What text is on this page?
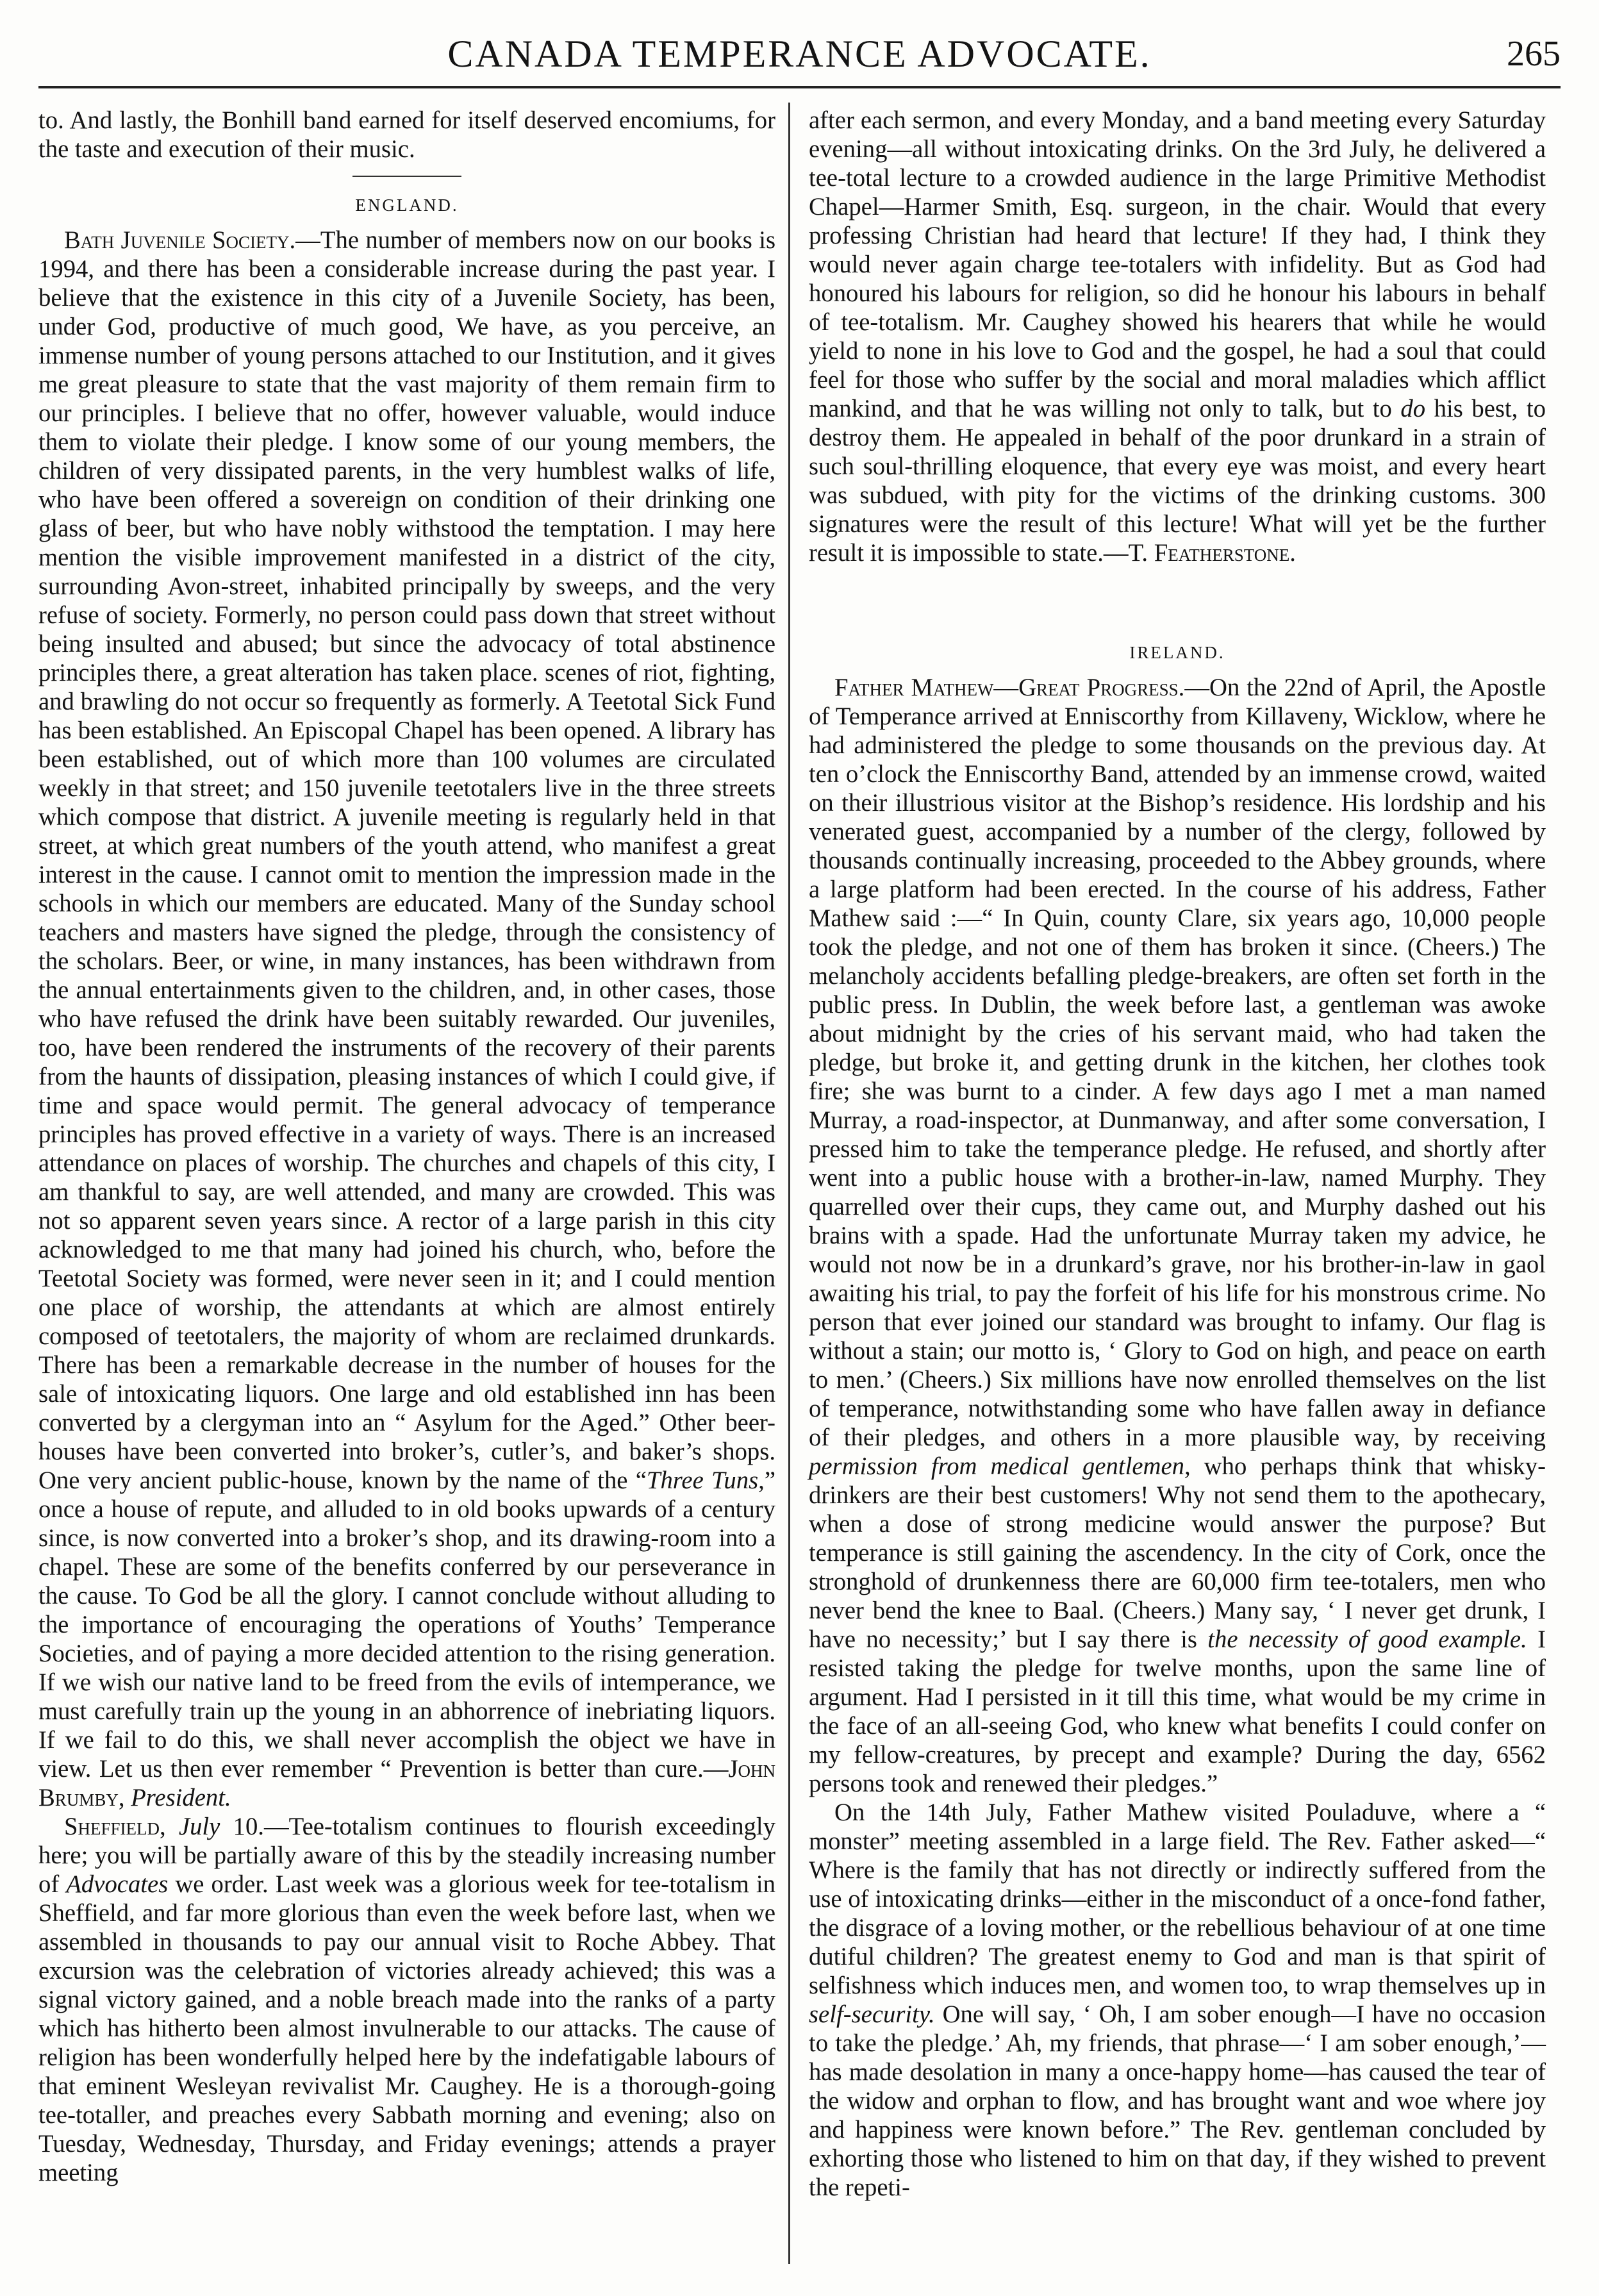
CANADA TEMPERANCE ADVOCATE.	265

to. And lastly, the Bonhill band earned for itself deserved encomiums, for the taste and execution of their music.

ENGLAND.

Bath Juvenile Society.—The number of members now on our books is 1994, and there has been a considerable increase during the past year. I believe that the existence in this city of a Juvenile Society, has been, under God, productive of much good, We have, as you perceive, an immense number of young persons attached to our Institution, and it gives me great pleasure to state that the vast majority of them remain firm to our principles. I believe that no offer, however valuable, would induce them to violate their pledge. I know some of our young members, the children of very dissipated parents, in the very humblest walks of life, who have been offered a sovereign on condition of their drinking one glass of beer, but who have nobly withstood the temptation. I may here mention the visible improvement manifested in a district of the city, surrounding Avon-street, inhabited principally by sweeps, and the very refuse of society. Formerly, no person could pass down that street without being insulted and abused; but since the advocacy of total abstinence principles there, a great alteration has taken place. scenes of riot, fighting, and brawling do not occur so frequently as formerly. A Teetotal Sick Fund has been established. An Episcopal Chapel has been opened. A library has been established, out of which more than 100 volumes are circulated weekly in that street; and 150 juvenile teetotalers live in the three streets which compose that district. A juvenile meeting is regularly held in that street, at which great numbers of the youth attend, who manifest a great interest in the cause. I cannot omit to mention the impression made in the schools in which our members are educated. Many of the Sunday school teachers and masters have signed the pledge, through the consistency of the scholars. Beer, or wine, in many instances, has been withdrawn from the annual entertainments given to the children, and, in other cases, those who have refused the drink have been suitably rewarded. Our juveniles, too, have been rendered the instruments of the recovery of their parents from the haunts of dissipation, pleasing instances of which I could give, if time and space would permit. The general advocacy of temperance principles has proved effective in a variety of ways. There is an increased attendance on places of worship. The churches and chapels of this city, I am thankful to say, are well attended, and many are crowded. This was not so apparent seven years since. A rector of a large parish in this city acknowledged to me that many had joined his church, who, before the Teetotal Society was formed, were never seen in it; and I could mention one place of worship, the attendants at which are almost entirely composed of teetotalers, the majority of whom are reclaimed drunkards. There has been a remarkable decrease in the number of houses for the sale of intoxicating liquors. One large and old established inn has been converted by a clergyman into an “ Asylum for the Aged.” Other beer-houses have been converted into broker’s, cutler’s, and baker’s shops. One very ancient public-house, known by the name of the “Three Tuns,” once a house of repute, and alluded to in old books upwards of a century since, is now converted into a broker’s shop, and its drawing-room into a chapel. These are some of the benefits conferred by our perseverance in the cause. To God be all the glory. I cannot conclude without alluding to the importance of encouraging the operations of Youths’ Temperance Societies, and of paying a more decided attention to the rising generation. If we wish our native land to be freed from the evils of intemperance, we must carefully train up the young in an abhorrence of inebriating liquors. If we fail to do this, we shall never accomplish the object we have in view. Let us then ever remember “ Prevention is better than cure.—John Brumby, President.

Sheffield, July 10.—Tee-totalism continues to flourish exceedingly here; you will be partially aware of this by the steadily increasing number of Advocates we order. Last week was a glorious week for tee-totalism in Sheffield, and far more glorious than even the week before last, when we assembled in thousands to pay our annual visit to Roche Abbey. That excursion was the celebration of victories already achieved; this was a signal victory gained, and a noble breach made into the ranks of a party which has hitherto been almost invulnerable to our attacks. The cause of religion has been wonderfully helped here by the indefatigable labours of that eminent Wesleyan revivalist Mr. Caughey. He is a thorough-going tee-totaller, and preaches every Sabbath morning and evening; also on Tuesday, Wednesday, Thursday, and Friday evenings; attends a prayer meeting

after each sermon, and every Monday, and a band meeting every Saturday evening—all without intoxicating drinks. On the 3rd July, he delivered a tee-total lecture to a crowded audience in the large Primitive Methodist Chapel—Harmer Smith, Esq. surgeon, in the chair. Would that every professing Christian had heard that lecture! If they had, I think they would never again charge tee-totalers with infidelity. But as God had honoured his labours for religion, so did he honour his labours in behalf of tee-totalism. Mr. Caughey showed his hearers that while he would yield to none in his love to God and the gospel, he had a soul that could feel for those who suffer by the social and moral maladies which afflict mankind, and that he was willing not only to talk, but to do his best, to destroy them. He appealed in behalf of the poor drunkard in a strain of such soul-thrilling eloquence, that every eye was moist, and every heart was subdued, with pity for the victims of the drinking customs. 300 signatures were the result of this lecture! What will yet be the further result it is impossible to state.—T. Featherstone.

IRELAND.

Father Mathew—Great Progress.—On the 22nd of April, the Apostle of Temperance arrived at Enniscorthy from Killaveny, Wicklow, where he had administered the pledge to some thousands on the previous day. At ten o’clock the Enniscorthy Band, attended by an immense crowd, waited on their illustrious visitor at the Bishop’s residence. His lordship and his venerated guest, accompanied by a number of the clergy, followed by thousands continually increasing, proceeded to the Abbey grounds, where a large platform had been erected. In the course of his address, Father Mathew said :—“ In Quin, county Clare, six years ago, 10,000 people took the pledge, and not one of them has broken it since. (Cheers.) The melancholy accidents befalling pledge-breakers, are often set forth in the public press. In Dublin, the week before last, a gentleman was awoke about midnight by the cries of his servant maid, who had taken the pledge, but broke it, and getting drunk in the kitchen, her clothes took fire; she was burnt to a cinder. A few days ago I met a man named Murray, a road-inspector, at Dunmanway, and after some conversation, I pressed him to take the temperance pledge. He refused, and shortly after went into a public house with a brother-in-law, named Murphy. They quarrelled over their cups, they came out, and Murphy dashed out his brains with a spade. Had the unfortunate Murray taken my advice, he would not now be in a drunkard’s grave, nor his brother-in-law in gaol awaiting his trial, to pay the forfeit of his life for his monstrous crime. No person that ever joined our standard was brought to infamy. Our flag is without a stain; our motto is, ‘ Glory to God on high, and peace on earth to men.’ (Cheers.) Six millions have now enrolled themselves on the list of temperance, notwithstanding some who have fallen away in defiance of their pledges, and others in a more plausible way, by receiving permission from medical gentlemen, who perhaps think that whisky-drinkers are their best customers! Why not send them to the apothecary, when a dose of strong medicine would answer the purpose? But temperance is still gaining the ascendency. In the city of Cork, once the stronghold of drunkenness there are 60,000 firm tee-totalers, men who never bend the knee to Baal. (Cheers.) Many say, ‘ I never get drunk, I have no necessity;’ but I say there is the necessity of good example. I resisted taking the pledge for twelve months, upon the same line of argument. Had I persisted in it till this time, what would be my crime in the face of an all-seeing God, who knew what benefits I could confer on my fellow-creatures, by precept and example? During the day, 6562 persons took and renewed their pledges.”

On the 14th July, Father Mathew visited Pouladuve, where a “ monster” meeting assembled in a large field. The Rev. Father asked—“ Where is the family that has not directly or indirectly suffered from the use of intoxicating drinks—either in the misconduct of a once-fond father, the disgrace of a loving mother, or the rebellious behaviour of at one time dutiful children? The greatest enemy to God and man is that spirit of selfishness which induces men, and women too, to wrap themselves up in self-security. One will say, ‘ Oh, I am sober enough—I have no occasion to take the pledge.’ Ah, my friends, that phrase—‘ I am sober enough,’—has made desolation in many a once-happy home—has caused the tear of the widow and orphan to flow, and has brought want and woe where joy and happiness were known before.” The Rev. gentleman concluded by exhorting those who listened to him on that day, if they wished to prevent the repeti-
